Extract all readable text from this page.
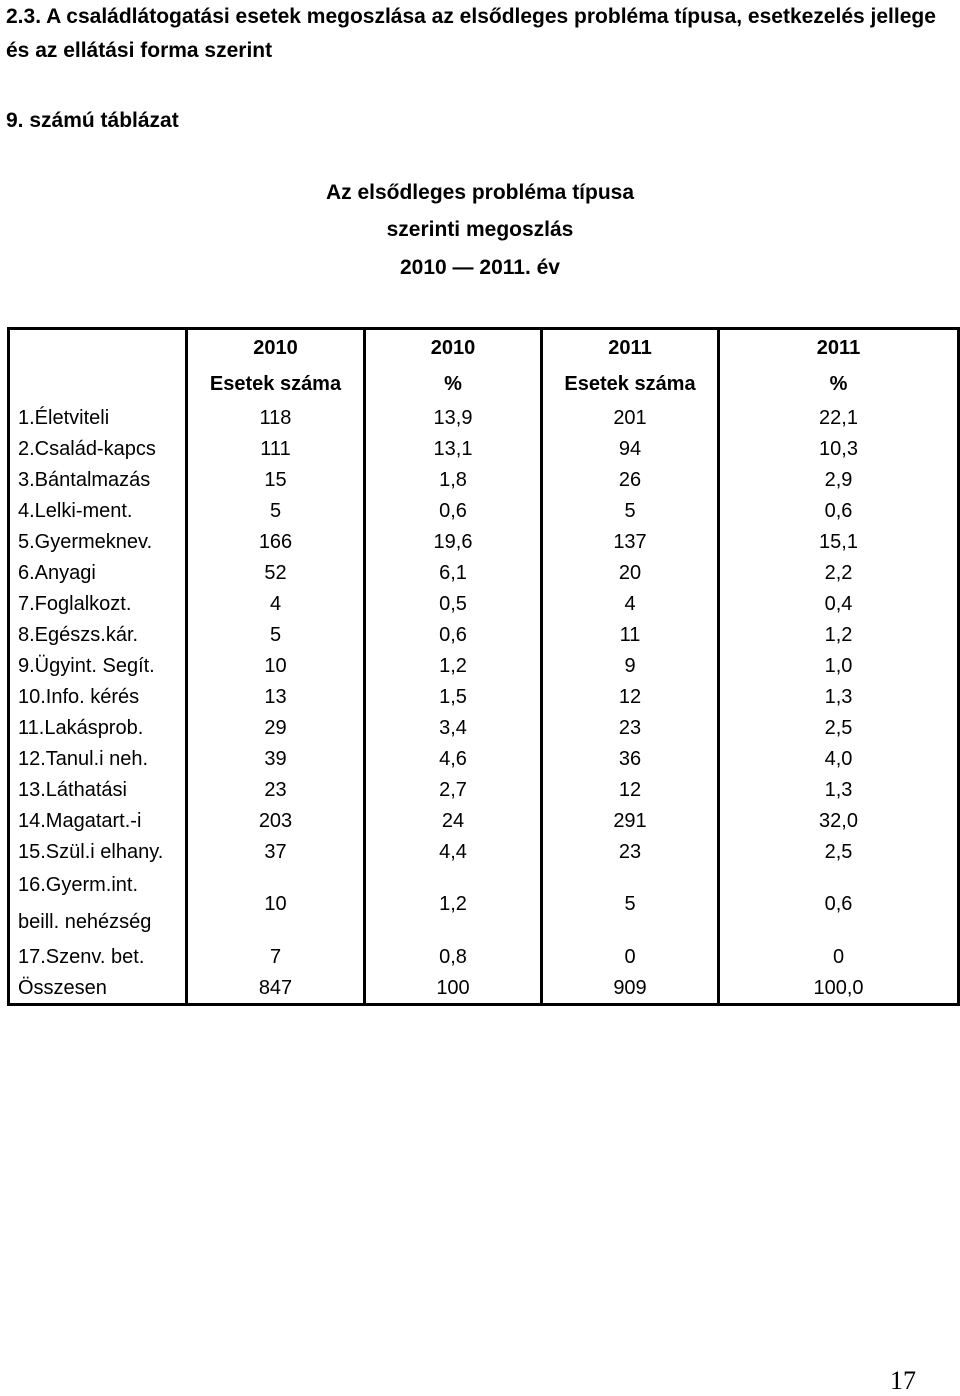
2.3. A családlátogatási esetek megoszlása az elsődleges probléma típusa, esetkezelés jellege és az ellátási forma szerint
9. számú táblázat
Az elsődleges probléma típusa
szerinti megoszlás
2010 — 2011. év
	2010	2010	2011	2011
	Esetek száma	%	Esetek száma	%
1.Életviteli	118	13,9	201	22,1
2.Család-kapcs	111	13,1	94	10,3
3.Bántalmazás	15	1,8	26	2,9
4.Lelki-ment.	5	0,6	5	0,6
5.Gyermeknev.	166	19,6	137	15,1
6.Anyagi	52	6,1	20	2,2
7.Foglalkozt.	4	0,5	4	0,4
8.Egészs.kár.	5	0,6	11	1,2
9.Ügyint. Segít.	10	1,2	9	1,0
10.Info. kérés	13	1,5	12	1,3
11.Lakásprob.	29	3,4	23	2,5
12.Tanul.i neh.	39	4,6	36	4,0
13.Láthatási	23	2,7	12	1,3
14.Magatart.-i	203	24	291	32,0
15.Szül.i elhany.	37	4,4	23	2,5
16.Gyerm.int.
beill. nehézség	10	1,2	5	0,6
17.Szenv. bet.	7	0,8	0	0
Összesen	847	100	909	100,0
17
